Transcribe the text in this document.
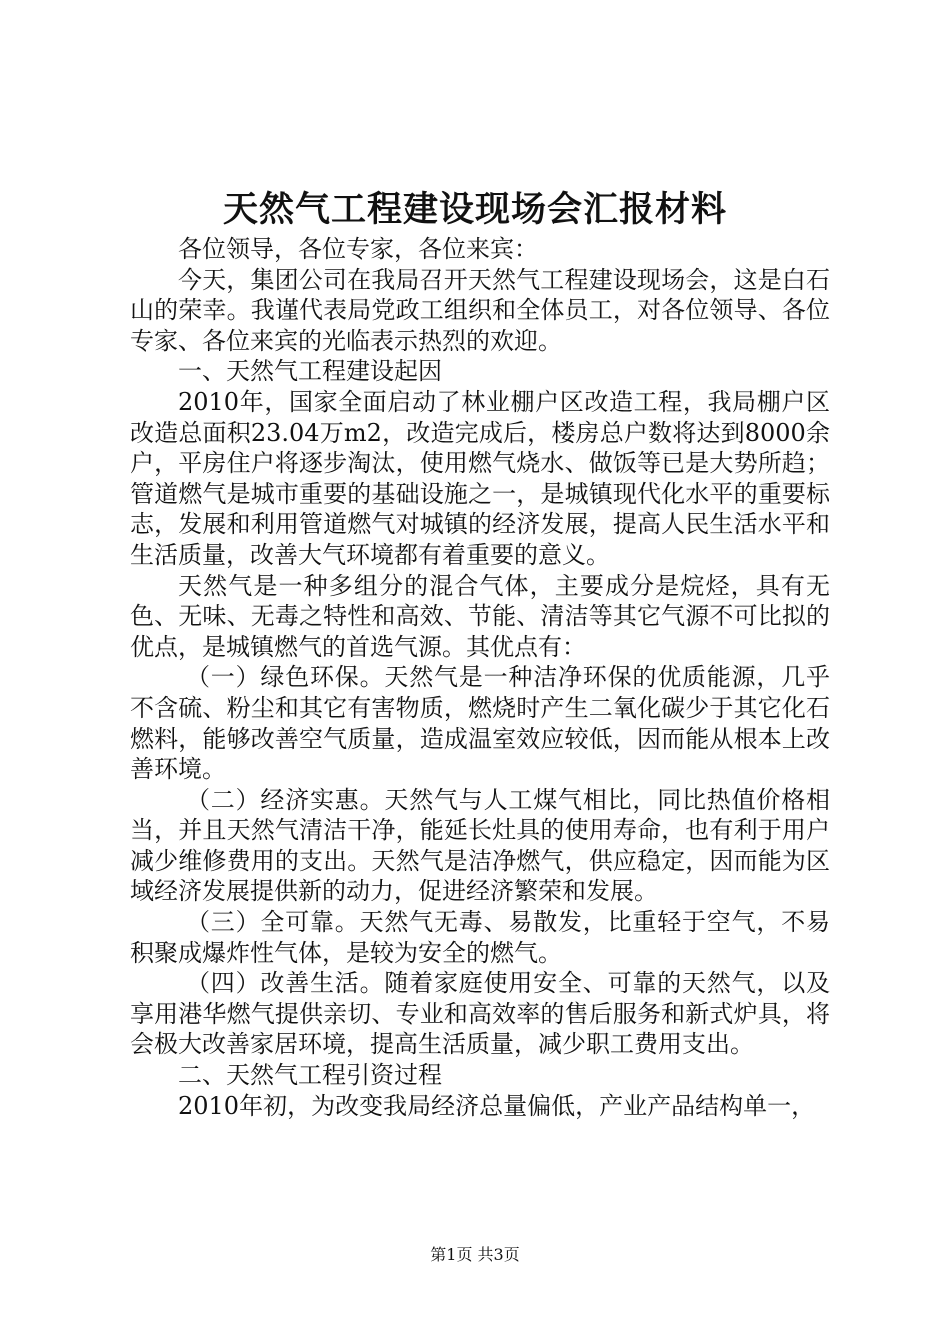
天然气工程建设现场会汇报材料

各位领导，各位专家，各位来宾：

今天，集团公司在我局召开天然气工程建设现场会，这是白石山的荣幸。我谨代表局党政工组织和全体员工，对各位领导、各位专家、各位来宾的光临表示热烈的欢迎。

一、天然气工程建设起因

2010年，国家全面启动了林业棚户区改造工程，我局棚户区改造总面积23.04万m2，改造完成后，楼房总户数将达到8000余户，平房住户将逐步淘汰，使用燃气烧水、做饭等已是大势所趋；管道燃气是城市重要的基础设施之一，是城镇现代化水平的重要标志，发展和利用管道燃气对城镇的经济发展，提高人民生活水平和生活质量，改善大气环境都有着重要的意义。

天然气是一种多组分的混合气体，主要成分是烷烃，具有无色、无味、无毒之特性和高效、节能、清洁等其它气源不可比拟的优点，是城镇燃气的首选气源。其优点有：

（一）绿色环保。天然气是一种洁净环保的优质能源，几乎不含硫、粉尘和其它有害物质，燃烧时产生二氧化碳少于其它化石燃料，能够改善空气质量，造成温室效应较低，因而能从根本上改善环境。

（二）经济实惠。天然气与人工煤气相比，同比热值价格相当，并且天然气清洁干净，能延长灶具的使用寿命，也有利于用户减少维修费用的支出。天然气是洁净燃气，供应稳定，因而能为区域经济发展提供新的动力，促进经济繁荣和发展。

（三）全可靠。天然气无毒、易散发，比重轻于空气，不易积聚成爆炸性气体，是较为安全的燃气。

（四）改善生活。随着家庭使用安全、可靠的天然气，以及享用港华燃气提供亲切、专业和高效率的售后服务和新式炉具，将会极大改善家居环境，提高生活质量，减少职工费用支出。

二、天然气工程引资过程

2010年初，为改变我局经济总量偏低，产业产品结构单一，

第1页 共3页
